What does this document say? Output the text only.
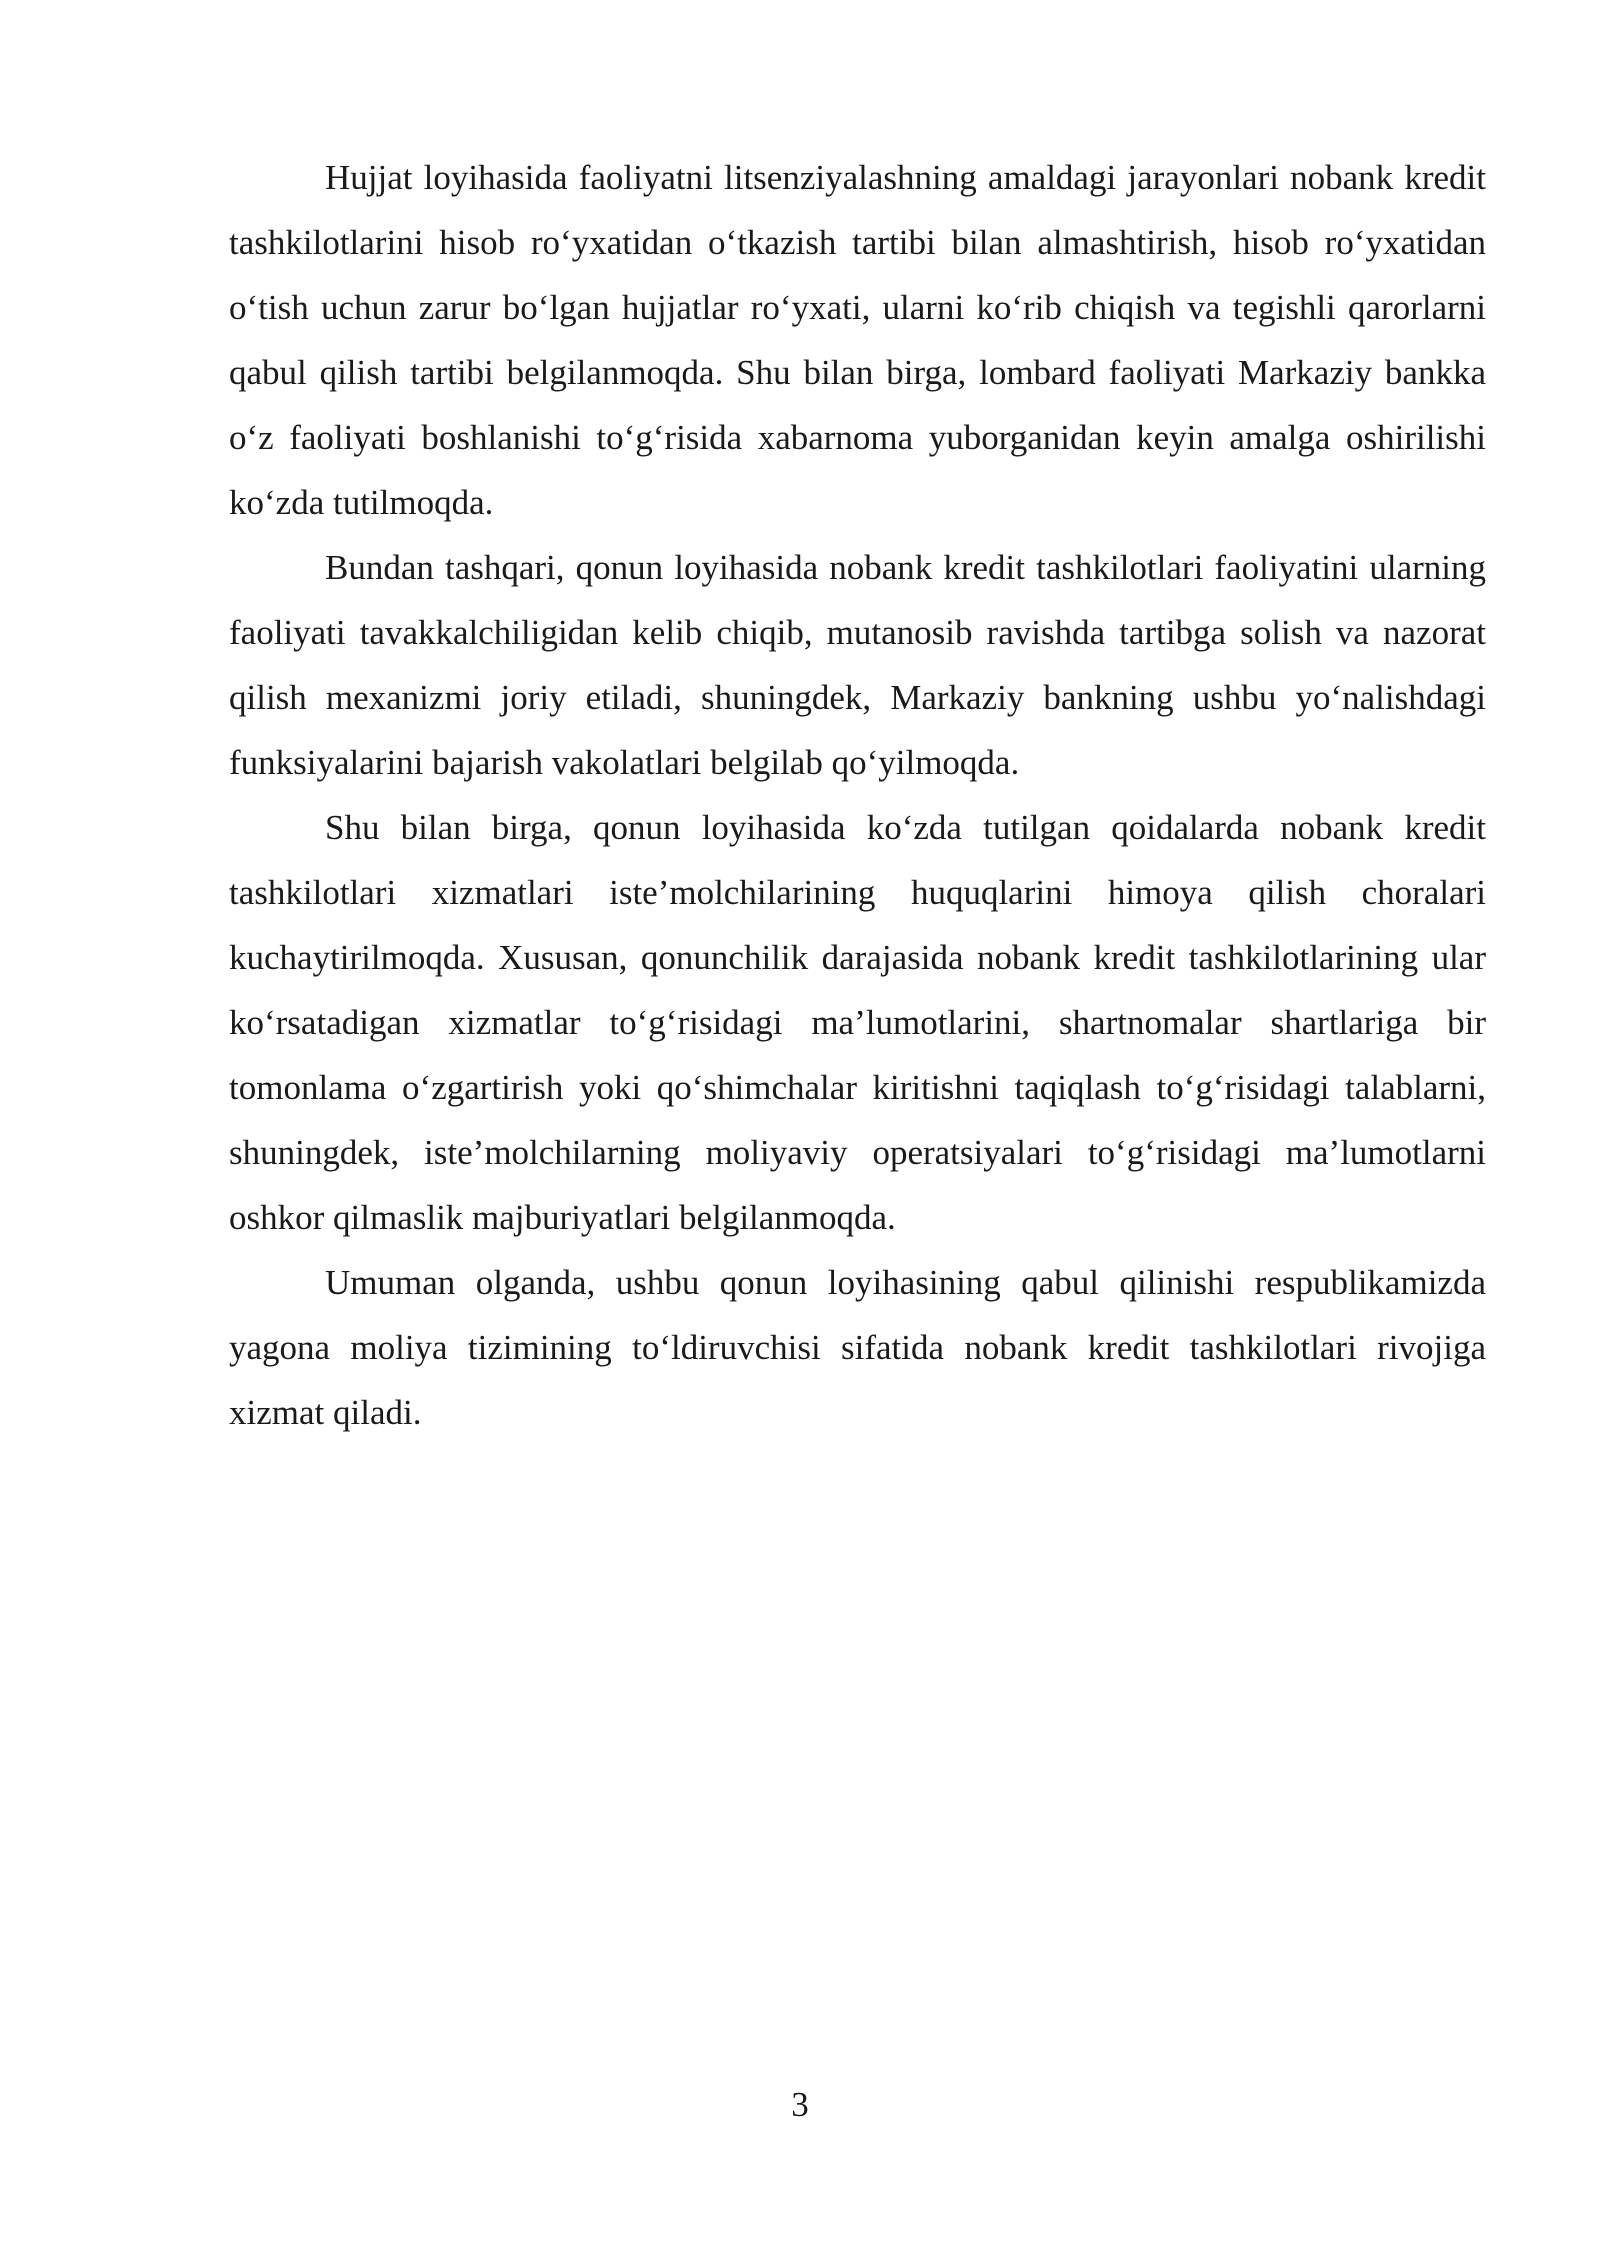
Hujjat loyihasida faoliyatni litsenziyalashning amaldagi jarayonlari nobank kredit tashkilotlarini hisob ro‘yxatidan o‘tkazish tartibi bilan almashtirish, hisob ro‘yxatidan o‘tish uchun zarur bo‘lgan hujjatlar ro‘yxati, ularni ko‘rib chiqish va tegishli qarorlarni qabul qilish tartibi belgilanmoqda. Shu bilan birga, lombard faoliyati Markaziy bankka o‘z faoliyati boshlanishi to‘g‘risida xabarnoma yuborganidan keyin amalga oshirilishi ko‘zda tutilmoqda.

Bundan tashqari, qonun loyihasida nobank kredit tashkilotlari faoliyatini ularning faoliyati tavakkalchiligidan kelib chiqib, mutanosib ravishda tartibga solish va nazorat qilish mexanizmi joriy etiladi, shuningdek, Markaziy bankning ushbu yo‘nalishdagi funksiyalarini bajarish vakolatlari belgilab qo‘yilmoqda.

Shu bilan birga, qonun loyihasida ko‘zda tutilgan qoidalarda nobank kredit tashkilotlari xizmatlari iste’molchilarining huquqlarini himoya qilish choralari kuchaytirilmoqda. Xususan, qonunchilik darajasida nobank kredit tashkilotlarining ular ko‘rsatadigan xizmatlar to‘g‘risidagi ma’lumotlarini, shartnomalar shartlariga bir tomonlama o‘zgartirish yoki qo‘shimchalar kiritishni taqiqlash to‘g‘risidagi talablarni, shuningdek, iste’molchilarning moliyaviy operatsiyalari to‘g‘risidagi ma’lumotlarni oshkor qilmaslik majburiyatlari belgilanmoqda.

Umuman olganda, ushbu qonun loyihasining qabul qilinishi respublikamizda yagona moliya tizimining to‘ldiruvchisi sifatida nobank kredit tashkilotlari rivojiga xizmat qiladi.

3
